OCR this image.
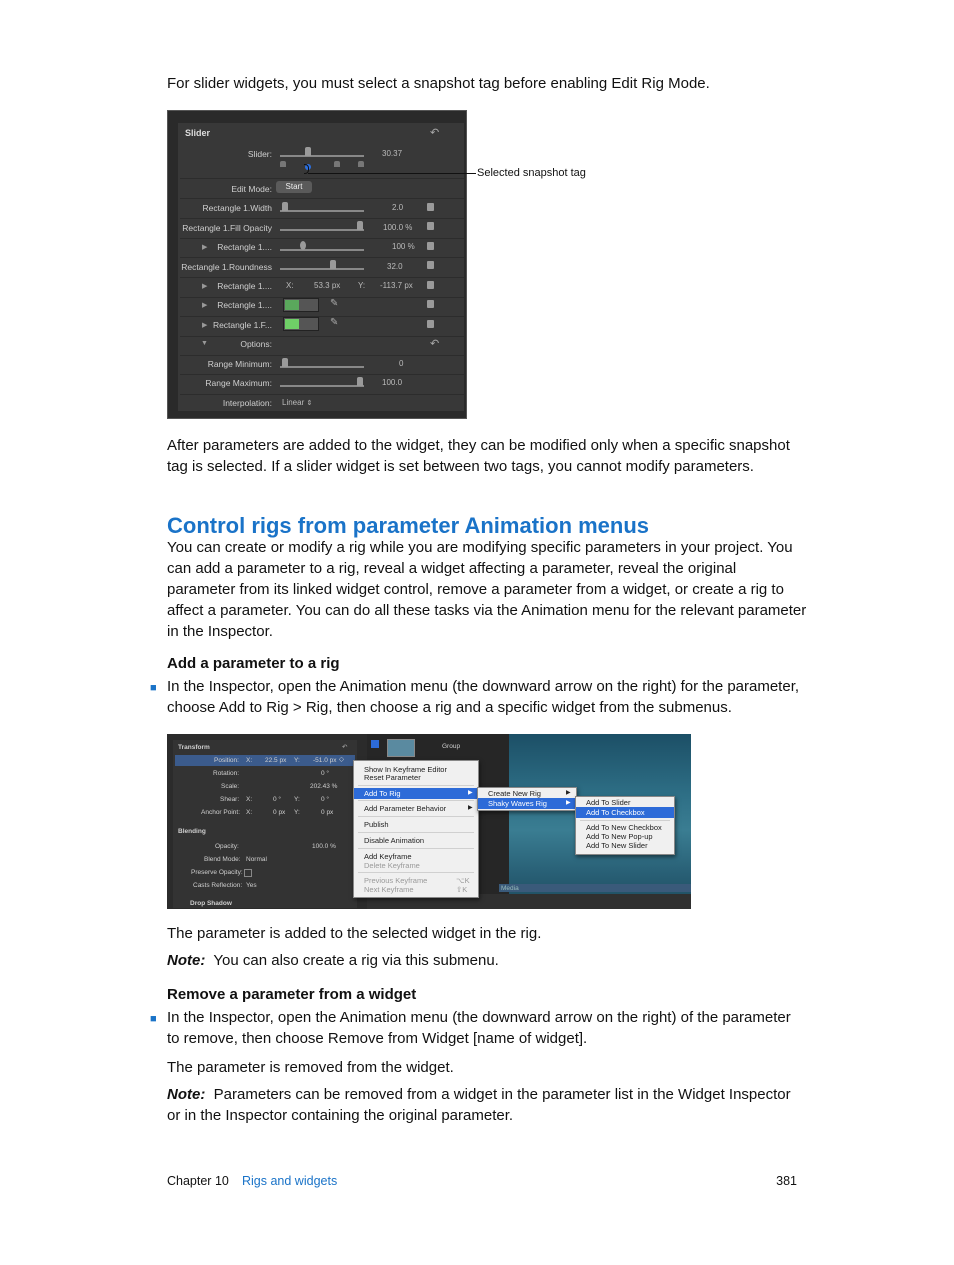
For slider widgets, you must select a snapshot tag before enabling Edit Rig Mode.

Slider	↶
Slider:	30.37
Edit Mode:	Start
Rectangle 1.Width	2.0
Rectangle 1.Fill Opacity	100.0 %
▶	Rectangle 1....	100 %
Rectangle 1.Roundness	32.0
▶	Rectangle 1.... X:	53.3 px Y: -113.7 px
▶	Rectangle 1....	✎
▶ Rectangle 1.F...	✎
▼	Options:	↶
Range Minimum:	0
Range Maximum:	100.0
Interpolation: Linear ⇕
Selected snapshot tag

After parameters are added to the widget, they can be modified only when a specific snapshot tag is selected. If a slider widget is set between two tags, you cannot modify parameters.

Control rigs from parameter Animation menus

You can create or modify a rig while you are modifying specific parameters in your project. You can add a parameter to a rig, reveal a widget affecting a parameter, reveal the original parameter from its linked widget control, remove a parameter from a widget, or create a rig to affect a parameter. You can do all these tasks via the Animation menu for the relevant parameter in the Inspector.

Add a parameter to a rig
■ In the Inspector, open the Animation menu (the downward arrow on the right) for the parameter, choose Add to Rig > Rig, then choose a rig and a specific widget from the submenus.

Transform	↶
Position: X: 22.5 px Y: -51.0 px ◇
Rotation:	0 °
Scale:	202.43 %
Shear: X:	0 ° Y:	0 °
Anchor Point: X:	0 px Y:	0 px
Blending
Opacity:	100.0 %
Blend Mode: Normal
Preserve Opacity:
Casts Reflection: Yes
Drop Shadow
Group
Media
Show In Keyframe Editor
Reset Parameter
Add To Rig	▶
Add Parameter Behavior	▶
Publish
Disable Animation
Add Keyframe
Delete Keyframe
Previous Keyframe	⌥K
Next Keyframe	⇧K
Create New Rig	▶
Shaky Waves Rig	▶ Add To Slider
Add To Checkbox
Add To New Checkbox
Add To New Pop-up
Add To New Slider

The parameter is added to the selected widget in the rig.

Note: You can also create a rig via this submenu.

Remove a parameter from a widget
■ In the Inspector, open the Animation menu (the downward arrow on the right) of the parameter to remove, then choose Remove from Widget [name of widget].

The parameter is removed from the widget.

Note: Parameters can be removed from a widget in the parameter list in the Widget Inspector or in the Inspector containing the original parameter.

Chapter 10 Rigs and widgets	381
